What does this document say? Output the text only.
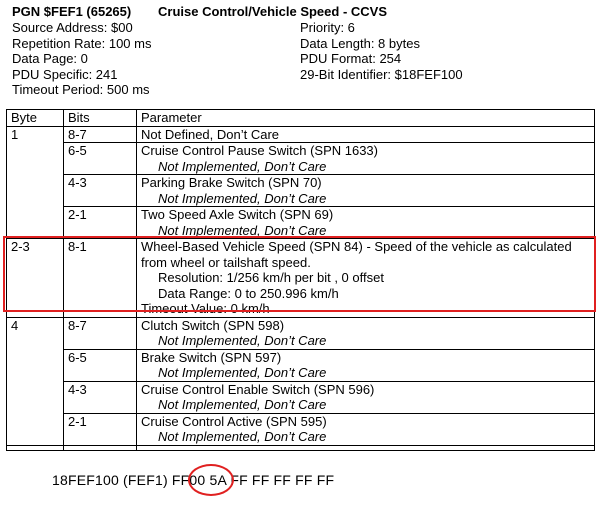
PGN $FEF1 (65265)	Cruise Control/Vehicle Speed - CCVS
Source Address: $00	Priority: 6
Repetition Rate: 100 ms	Data Length: 8 bytes
Data Page: 0	PDU Format: 254
PDU Specific: 241	29-Bit Identifier: $18FEF100
Timeout Period: 500 ms
Byte	Bits	Parameter
1	8-7	Not Defined, Don’t Care

	6-5	Cruise Control Pause Switch (SPN 1633)
Not Implemented, Don’t Care

	4-3	Parking Brake Switch (SPN 70)
Not Implemented, Don’t Care

	2-1	Two Speed Axle Switch (SPN 69)
Not Implemented, Don’t Care

2-3	8-1	Wheel-Based Vehicle Speed (SPN 84) - Speed of the vehicle as calculated
from wheel or tailshaft speed.
Resolution: 1/256 km/h per bit , 0 offset
Data Range: 0 to 250.996 km/h
Timeout Value: 0 km/h

4	8-7	Clutch Switch (SPN 598)
Not Implemented, Don’t Care

	6-5	Brake Switch (SPN 597)
Not Implemented, Don’t Care

	4-3	Cruise Control Enable Switch (SPN 596)
Not Implemented, Don’t Care

	2-1	Cruise Control Active (SPN 595)
Not Implemented, Don’t Care

18FEF100 (FEF1) FF00 5A FF FF FF FF FF
